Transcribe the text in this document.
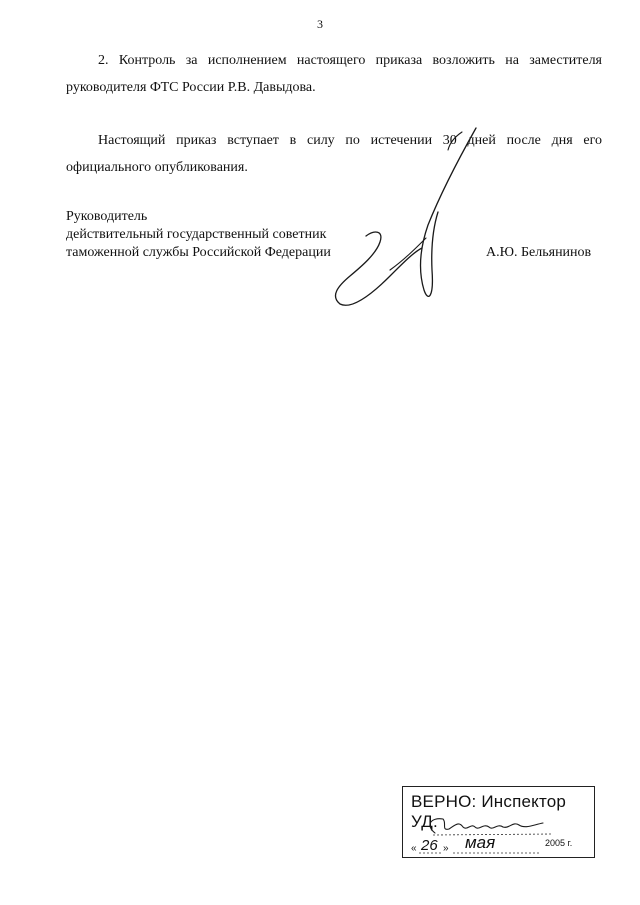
3
2. Контроль за исполнением настоящего приказа возложить на заместителя руководителя ФТС России Р.В. Давыдова.
Настоящий приказ вступает в силу по истечении 30 дней после дня его официального опубликования.
Руководитель
действительный государственный советник
таможенной службы Российской Федерации	А.Ю. Бельянинов
ВЕРНО: Инспектор УД.
« 26 » мая	2005 г.
